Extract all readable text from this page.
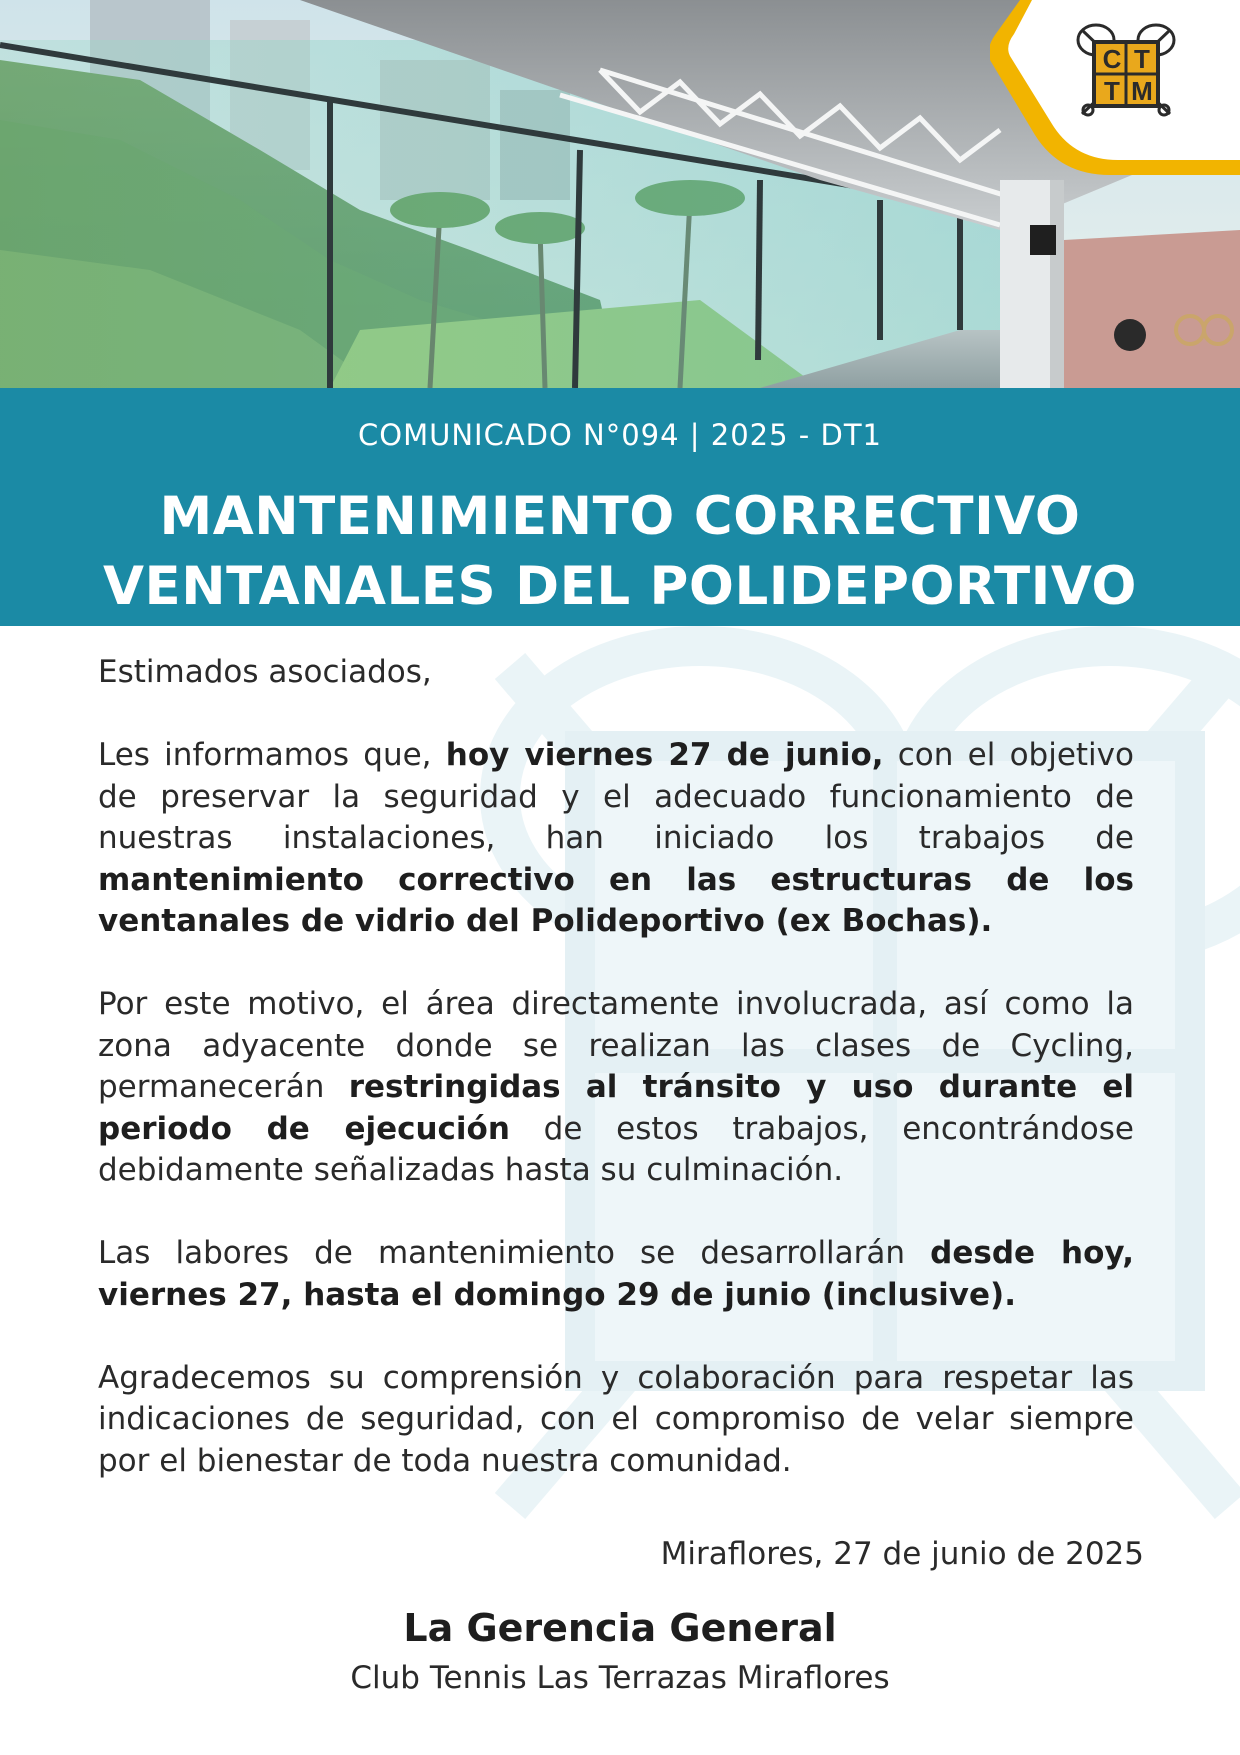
C T
T M
COMUNICADO N°094 | 2025 - DT1
MANTENIMIENTO CORRECTIVO
VENTANALES DEL POLIDEPORTIVO

Estimados asociados,

Les informamos que, hoy viernes 27 de junio, con el objetivo de preservar la seguridad y el adecuado funcionamiento de nuestras instalaciones, han iniciado los trabajos de mantenimiento correctivo en las estructuras de los ventanales de vidrio del Polideportivo (ex Bochas).

Por este motivo, el área directamente involucrada, así como la zona adyacente donde se realizan las clases de Cycling, permanecerán restringidas al tránsito y uso durante el periodo de ejecución de estos trabajos, encontrándose debidamente señalizadas hasta su culminación.

Las labores de mantenimiento se desarrollarán desde hoy, viernes 27, hasta el domingo 29 de junio (inclusive).

Agradecemos su comprensión y colaboración para respetar las indicaciones de seguridad, con el compromiso de velar siempre por el bienestar de toda nuestra comunidad.

Miraflores, 27 de junio de 2025
La Gerencia General
Club Tennis Las Terrazas Miraflores
